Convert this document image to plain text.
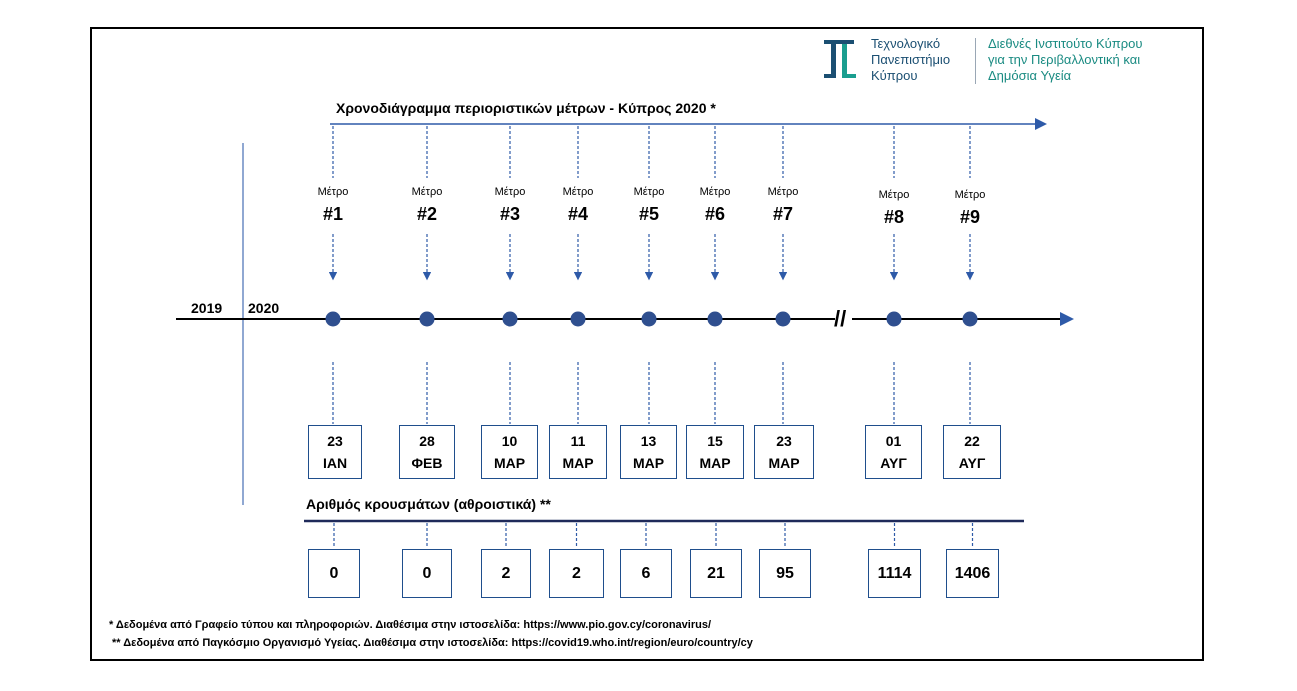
Τεχνολογικό
Πανεπιστήμιο
Κύπρου
Διεθνές Ινστιτούτο Κύπρου
για την Περιβαλλοντική και
Δημόσια Υγεία
Χρονοδιάγραμμα περιοριστικών μέτρων - Κύπρος 2020 *
//
2019 2020
Μέτρο
#1
23
ΙΑΝ
0
Μέτρο
#2
28
ΦΕΒ
0
Μέτρο
#3
10
ΜΑΡ
2
Μέτρο
#4
11
ΜΑΡ
2
Μέτρο
#5
13
ΜΑΡ
6
Μέτρο
#6
15
ΜΑΡ
21
Μέτρο
#7
23
ΜΑΡ
95
Μέτρο
#8
01
ΑΥΓ
1114
Μέτρο
#9
22
ΑΥΓ
1406
Αριθμός κρουσμάτων (αθροιστικά) **
* Δεδομένα από Γραφείο τύπου και πληροφοριών. Διαθέσιμα στην ιστοσελίδα: https://www.pio.gov.cy/coronavirus/
** Δεδομένα από Παγκόσμιο Οργανισμό Υγείας. Διαθέσιμα στην ιστοσελίδα: https://covid19.who.int/region/euro/country/cy
